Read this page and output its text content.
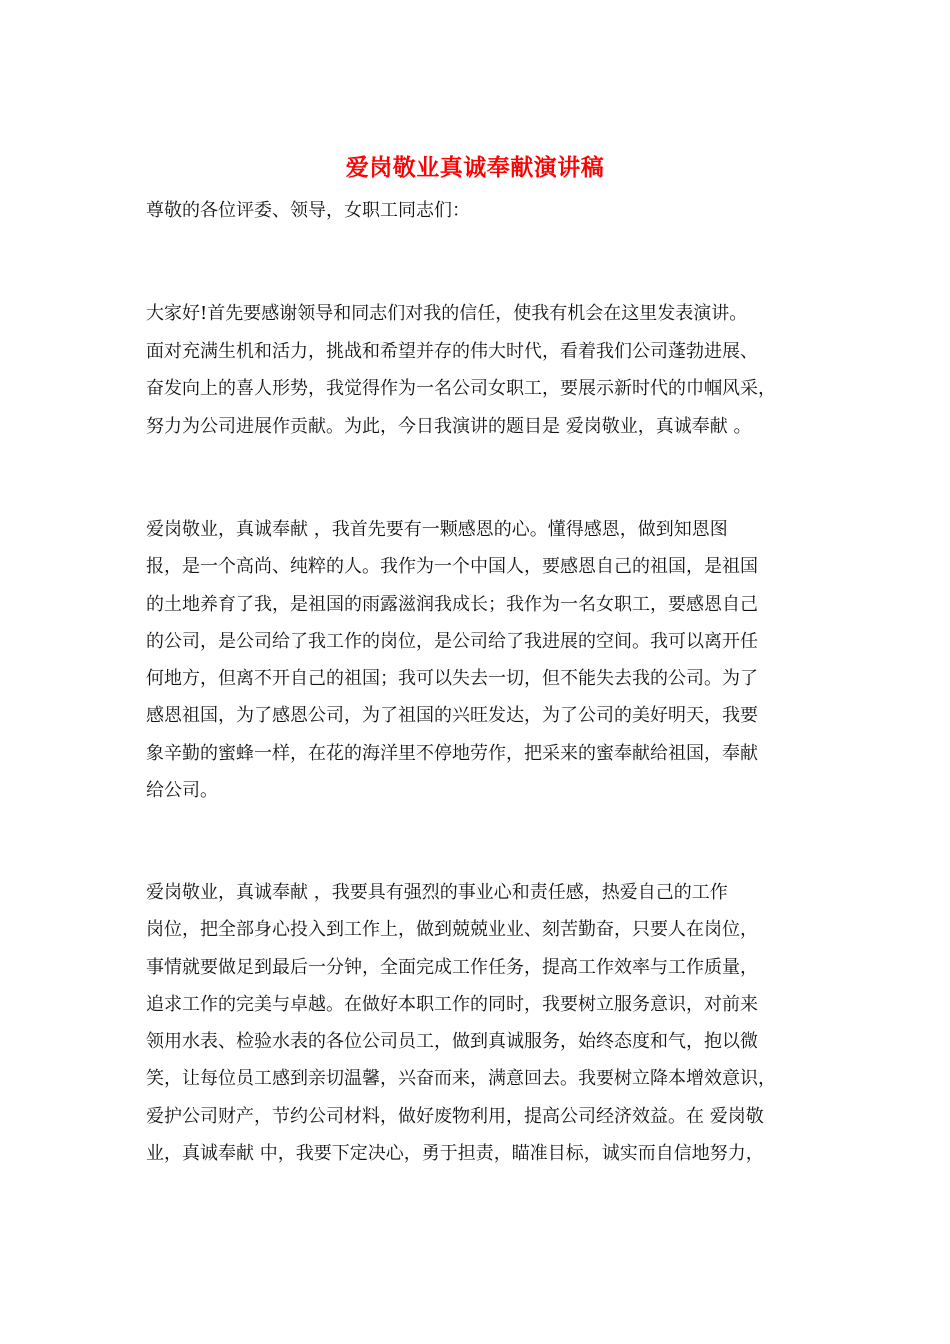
爱岗敬业真诚奉献演讲稿
尊敬的各位评委、领导，女职工同志们：
大家好!首先要感谢领导和同志们对我的信任，使我有机会在这里发表演讲。
面对充满生机和活力，挑战和希望并存的伟大时代，看着我们公司蓬勃进展、
奋发向上的喜人形势，我觉得作为一名公司女职工，要展示新时代的巾帼风采，
努力为公司进展作贡献。为此，今日我演讲的题目是 爱岗敬业，真诚奉献 。
爱岗敬业，真诚奉献 ，我首先要有一颗感恩的心。懂得感恩，做到知恩图
报，是一个高尚、纯粹的人。我作为一个中国人，要感恩自己的祖国，是祖国
的土地养育了我，是祖国的雨露滋润我成长；我作为一名女职工，要感恩自己
的公司，是公司给了我工作的岗位，是公司给了我进展的空间。我可以离开任
何地方，但离不开自己的祖国；我可以失去一切，但不能失去我的公司。为了
感恩祖国，为了感恩公司，为了祖国的兴旺发达，为了公司的美好明天，我要
象辛勤的蜜蜂一样，在花的海洋里不停地劳作，把采来的蜜奉献给祖国，奉献
给公司。
爱岗敬业，真诚奉献 ，我要具有强烈的事业心和责任感，热爱自己的工作
岗位，把全部身心投入到工作上，做到兢兢业业、刻苦勤奋，只要人在岗位，
事情就要做足到最后一分钟，全面完成工作任务，提高工作效率与工作质量，
追求工作的完美与卓越。在做好本职工作的同时，我要树立服务意识，对前来
领用水表、检验水表的各位公司员工，做到真诚服务，始终态度和气，抱以微
笑，让每位员工感到亲切温馨，兴奋而来，满意回去。我要树立降本增效意识，
爱护公司财产，节约公司材料，做好废物利用，提高公司经济效益。在 爱岗敬
业，真诚奉献 中，我要下定决心，勇于担责，瞄准目标，诚实而自信地努力，
